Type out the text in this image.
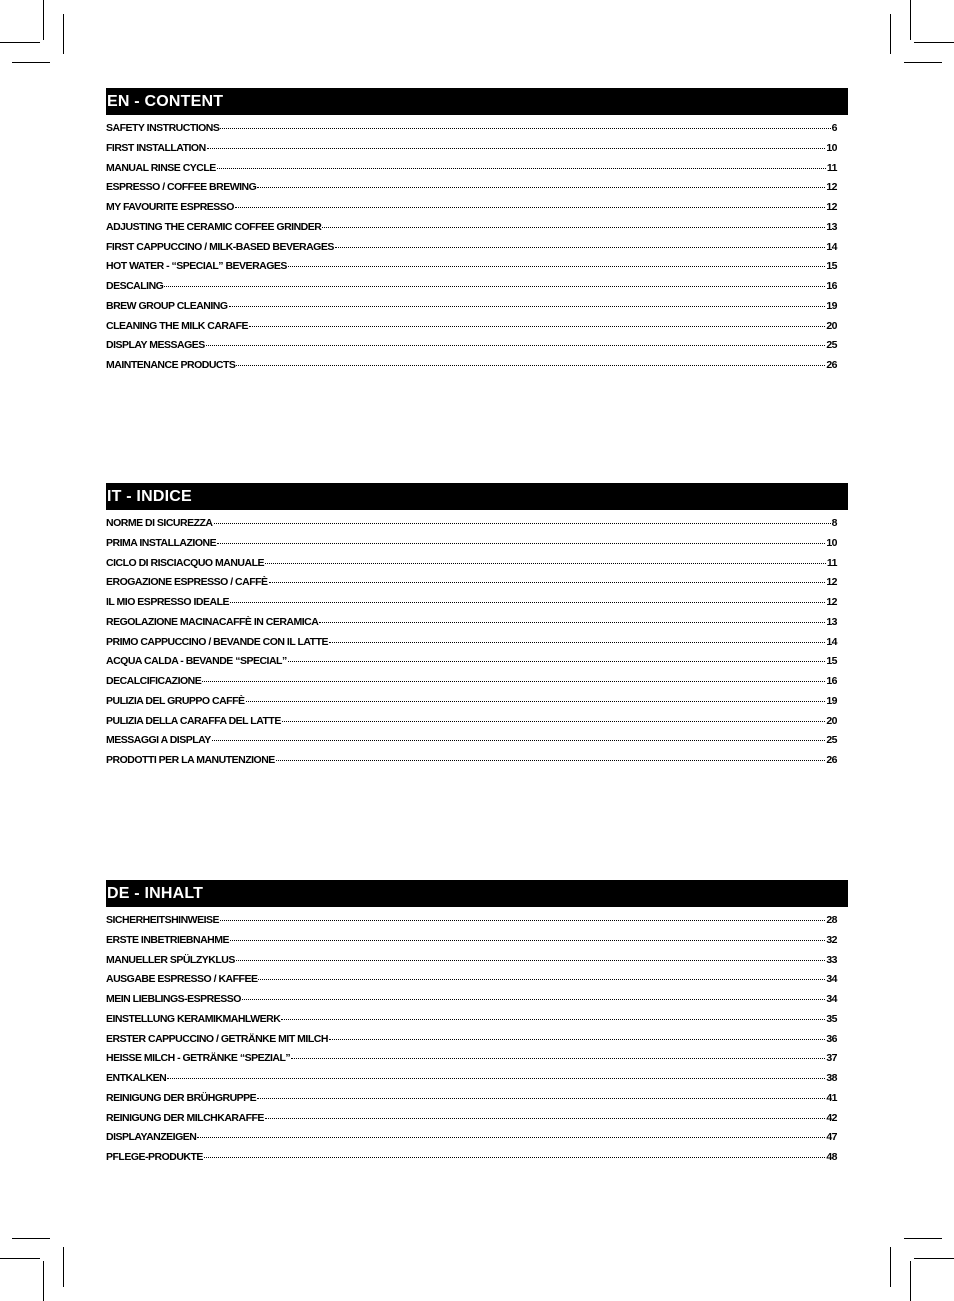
EN - CONTENT
SAFETY INSTRUCTIONS	6
FIRST INSTALLATION	10
MANUAL RINSE CYCLE	11
ESPRESSO / COFFEE BREWING	12
MY FAVOURITE ESPRESSO	12
ADJUSTING THE CERAMIC COFFEE GRINDER	13
FIRST CAPPUCCINO / MILK-BASED BEVERAGES	14
HOT WATER - “SPECIAL” BEVERAGES	15
DESCALING	16
BREW GROUP CLEANING	19
CLEANING THE MILK CARAFE	20
DISPLAY MESSAGES	25
MAINTENANCE PRODUCTS	26
IT - INDICE
NORME DI SICUREZZA	8
PRIMA INSTALLAZIONE	10
CICLO DI RISCIACQUO MANUALE	11
EROGAZIONE ESPRESSO / CAFFÈ	12
IL MIO ESPRESSO IDEALE	12
REGOLAZIONE MACINACAFFÈ IN CERAMICA	13
PRIMO CAPPUCCINO / BEVANDE CON IL LATTE	14
ACQUA CALDA - BEVANDE “SPECIAL”	15
DECALCIFICAZIONE	16
PULIZIA DEL GRUPPO CAFFÈ	19
PULIZIA DELLA CARAFFA DEL LATTE	20
MESSAGGI A DISPLAY	25
PRODOTTI PER LA MANUTENZIONE	26
DE - INHALT
SICHERHEITSHINWEISE	28
ERSTE INBETRIEBNAHME	32
MANUELLER SPÜLZYKLUS	33
AUSGABE ESPRESSO / KAFFEE	34
MEIN LIEBLINGS-ESPRESSO	34
EINSTELLUNG KERAMIKMAHLWERK	35
ERSTER CAPPUCCINO / GETRÄNKE MIT MILCH	36
HEISSE MILCH - GETRÄNKE “SPEZIAL”	37
ENTKALKEN	38
REINIGUNG DER BRÜHGRUPPE	41
REINIGUNG DER MILCHKARAFFE	42
DISPLAYANZEIGEN	47
PFLEGE-PRODUKTE	48
